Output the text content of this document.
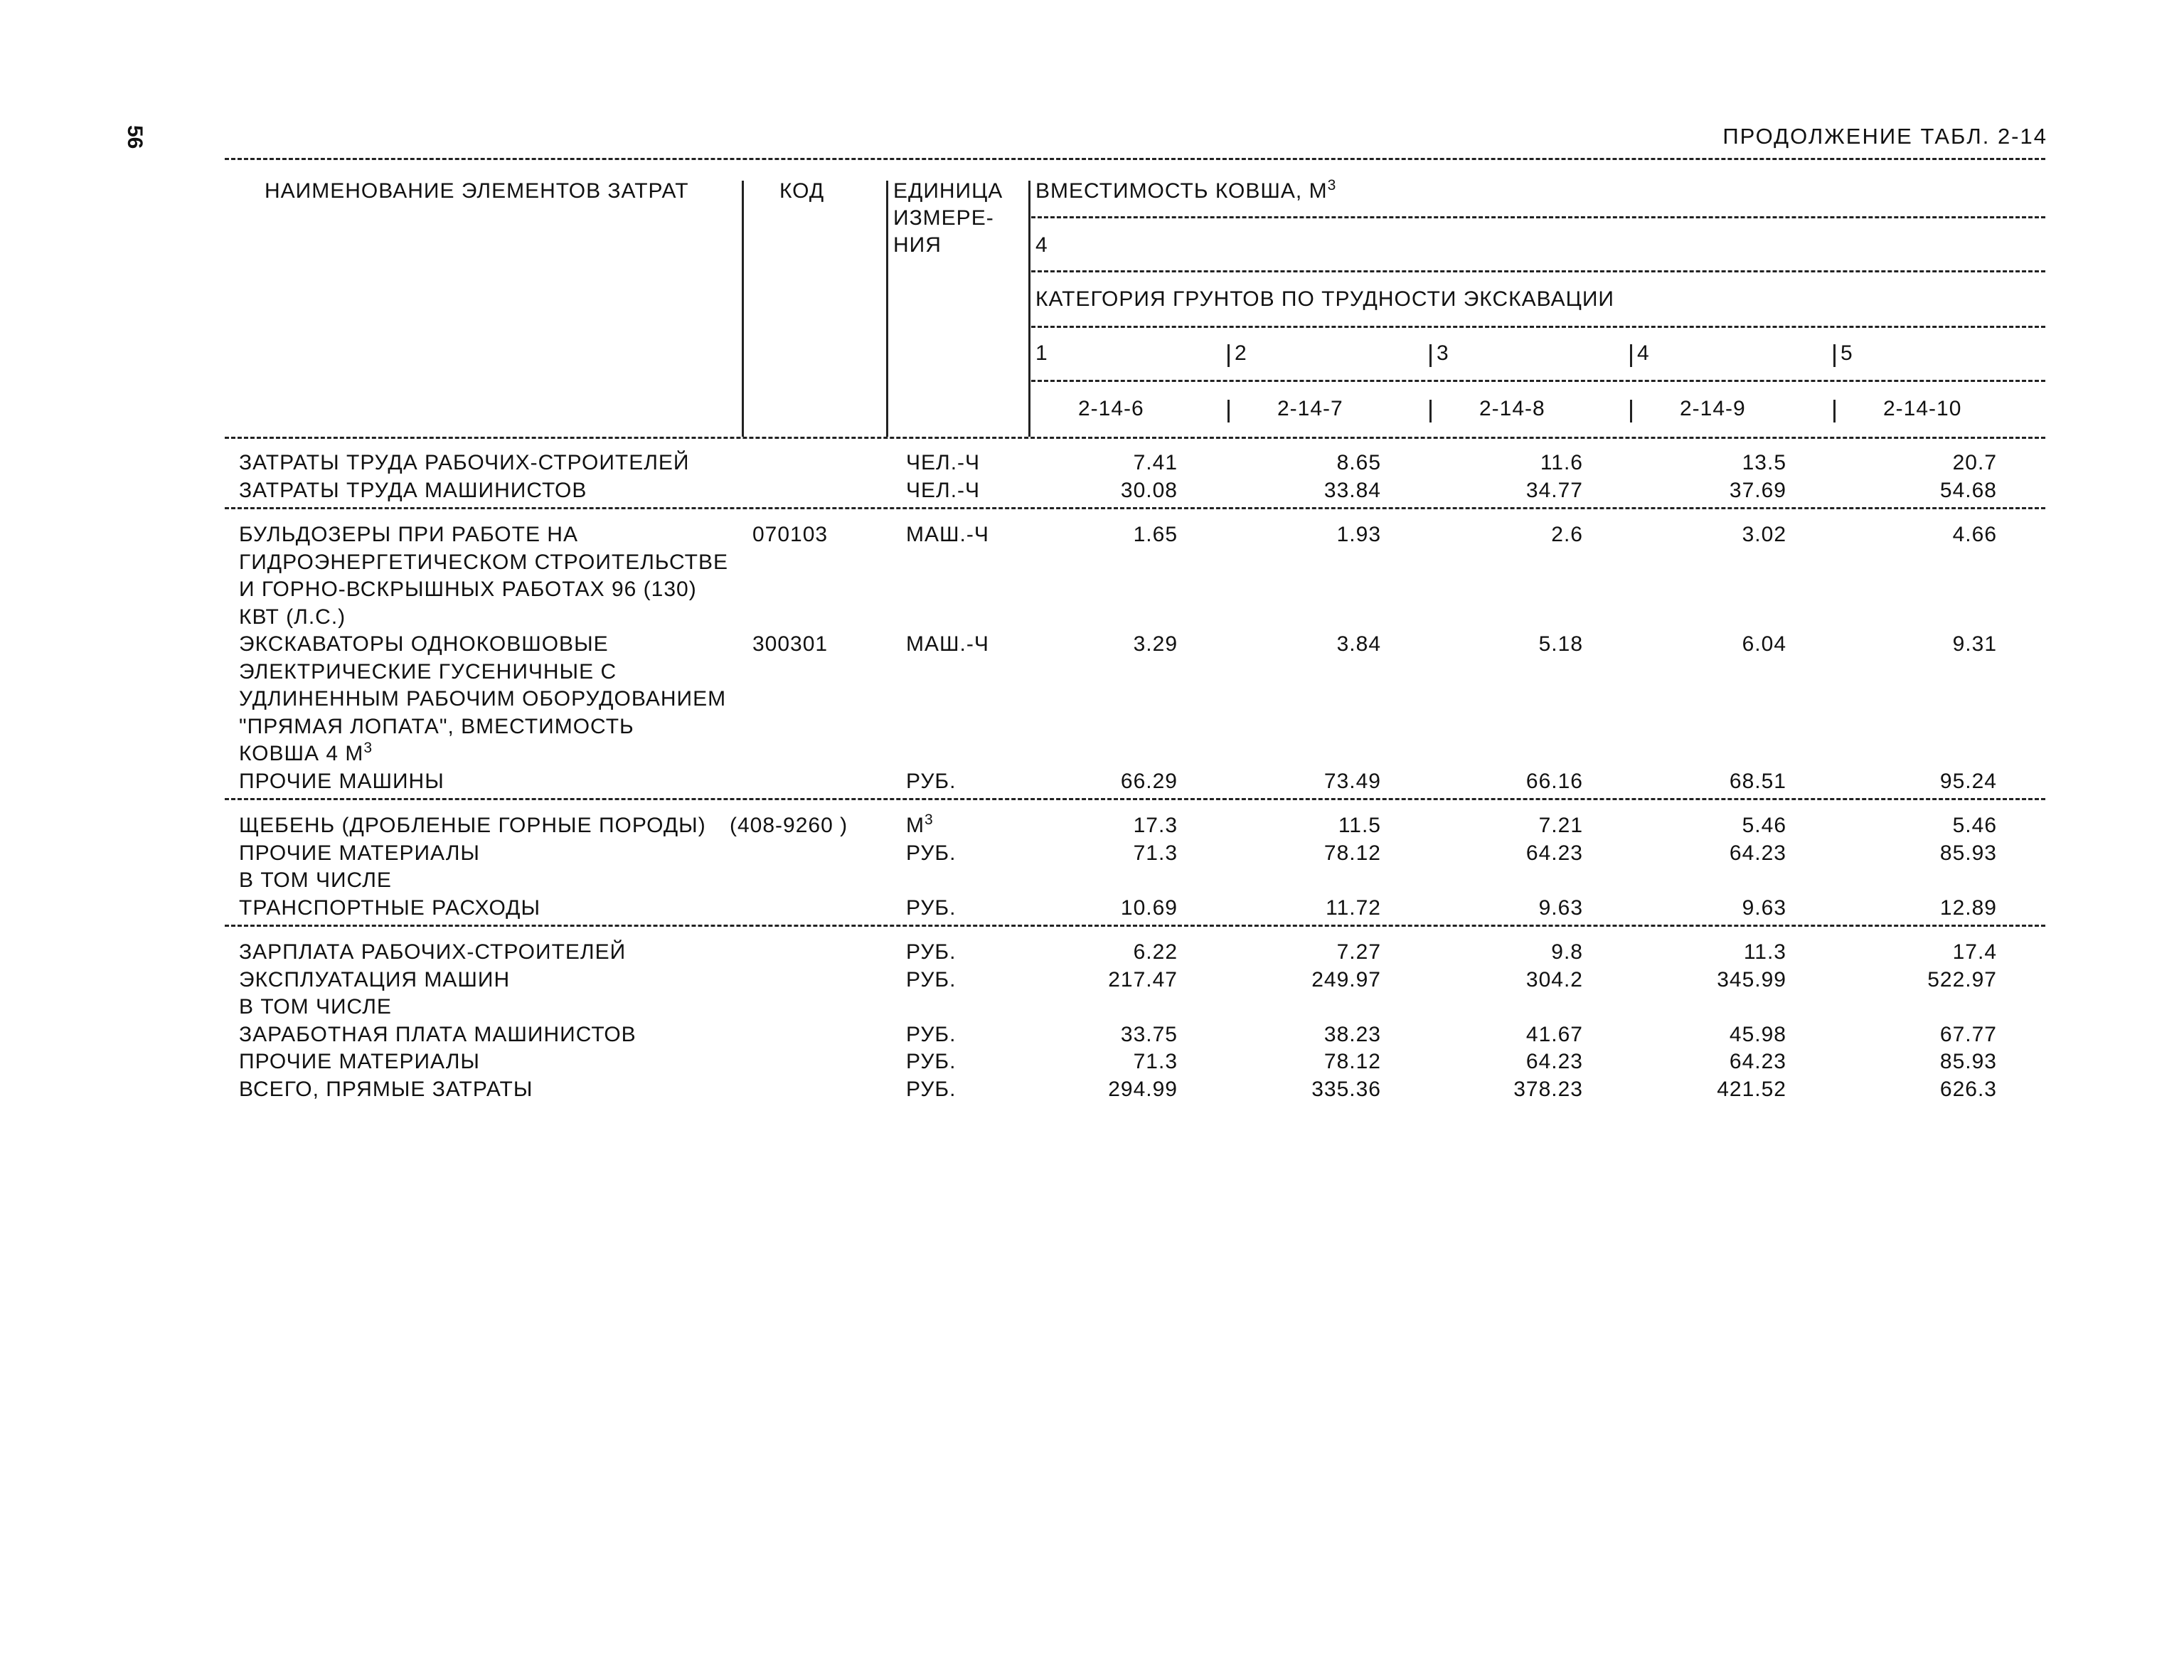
56	ПРОДОЛЖЕНИЕ ТАБЛ. 2-14
НАИМЕНОВАНИЕ ЭЛЕМЕНТОВ ЗАТРАТ	КОД	ЕДИНИЦА
ИЗМЕРЕ-
НИЯ
ВМЕСТИМОСТЬ КОВША, $М^3$
4
КАТЕГОРИЯ ГРУНТОВ ПО ТРУДНОСТИ ЭКСКАВАЦИИ
1	2	3	4	5
2-14-6	2-14-7	2-14-8	2-14-9	2-14-10
ЗАТРАТЫ ТРУДА РАБОЧИХ-СТРОИТЕЛЕЙ	ЧЕЛ.-Ч	7.41	8.65	11.6	13.5	20.7
ЗАТРАТЫ ТРУДА МАШИНИСТОВ	ЧЕЛ.-Ч	30.08	33.84	34.77	37.69	54.68
БУЛЬДОЗЕРЫ ПРИ РАБОТЕ НА
ГИДРОЭНЕРГЕТИЧЕСКОМ СТРОИТЕЛЬСТВЕ
И ГОРНО-ВСКРЫШНЫХ РАБОТАХ 96 (130)
КВТ (Л.С.)
070103	МАШ.-Ч	1.65	1.93	2.6	3.02	4.66
ЭКСКАВАТОРЫ ОДНОКОВШОВЫЕ
ЭЛЕКТРИЧЕСКИЕ ГУСЕНИЧНЫЕ С
УДЛИНЕННЫМ РАБОЧИМ ОБОРУДОВАНИЕМ
"ПРЯМАЯ ЛОПАТА", ВМЕСТИМОСТЬ
КОВША 4 $М^3$
300301	МАШ.-Ч	3.29	3.84	5.18	6.04	9.31
ПРОЧИЕ МАШИНЫ	РУБ.	66.29	73.49	66.16	68.51	95.24
ЩЕБЕНЬ (ДРОБЛЕНЫЕ ГОРНЫЕ ПОРОДЫ) (408-9260 )	$М^3$	17.3	11.5	7.21	5.46	5.46
ПРОЧИЕ МАТЕРИАЛЫ	РУБ.	71.3	78.12	64.23	64.23	85.93
В ТОМ ЧИСЛЕ
ТРАНСПОРТНЫЕ РАСХОДЫ	РУБ.	10.69	11.72	9.63	9.63	12.89
ЗАРПЛАТА РАБОЧИХ-СТРОИТЕЛЕЙ	РУБ.	6.22	7.27	9.8	11.3	17.4
ЭКСПЛУАТАЦИЯ МАШИН	РУБ.	217.47	249.97	304.2	345.99	522.97
В ТОМ ЧИСЛЕ
ЗАРАБОТНАЯ ПЛАТА МАШИНИСТОВ	РУБ.	33.75	38.23	41.67	45.98	67.77
ПРОЧИЕ МАТЕРИАЛЫ	РУБ.	71.3	78.12	64.23	64.23	85.93
ВСЕГО, ПРЯМЫЕ ЗАТРАТЫ	РУБ.	294.99	335.36	378.23	421.52	626.3
